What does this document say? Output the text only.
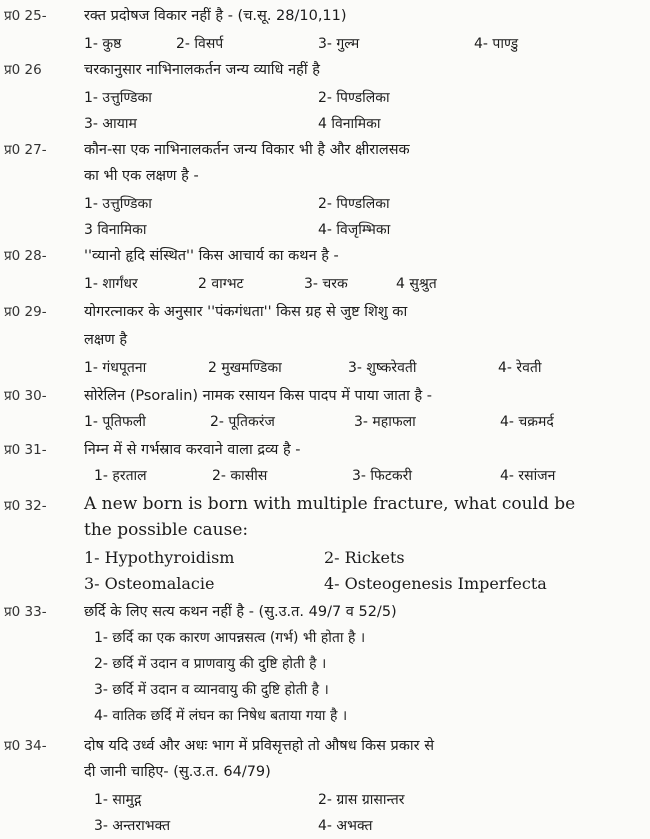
प्र0 25-	रक्त प्रदोषज विकार नहीं है - (च.सू. 28/10,11)
1- कुष्ठ	2- विसर्प	3- गुल्म	4- पाण्डु
प्र0 26	चरकानुसार नाभिनालकर्तन जन्य व्याधि नहीं है
1- उत्तुण्डिका	2- पिण्डलिका
3- आयाम	4 विनामिका
प्र0 27-	कौन-सा एक नाभिनालकर्तन जन्य विकार भी है और क्षीरालसक
का भी एक लक्षण है -
1- उत्तुण्डिका	2- पिण्डलिका
3 विनामिका	4- विजृम्भिका
प्र0 28-	''व्यानो हृदि संस्थित'' किस आचार्य का कथन है -
1- शार्गंधर	2 वाग्भट	3- चरक	4 सुश्रुत
प्र0 29-	योगरत्नाकर के अनुसार ''पंकगंधता'' किस ग्रह से जुष्ट शिशु का
लक्षण है
1- गंधपूतना	2 मुखमण्डिका	3- शुष्करेवती	4- रेवती
प्र0 30-	सोरेलिन (Psoralin) नामक रसायन किस पादप में पाया जाता है -
1- पूतिफली	2- पूतिकरंज	3- महाफला	4- चक्रमर्द
प्र0 31-	निम्न में से गर्भस्राव करवाने वाला द्रव्य है -
1- हरताल	2- कासीस	3- फिटकरी	4- रसांजन
प्र0 32- A new born is born with multiple fracture, what could be
the possible cause:
1- Hypothyroidism	2- Rickets
3- Osteomalacie	4- Osteogenesis Imperfecta
प्र0 33-	छर्दि के लिए सत्य कथन नहीं है - (सु.उ.त. 49/7 व 52/5)
1- छर्दि का एक कारण आपन्नसत्व (गर्भ) भी होता है ।
2- छर्दि में उदान व प्राणवायु की दुष्टि होती है ।
3- छर्दि में उदान व व्यानवायु की दुष्टि होती है ।
4- वातिक छर्दि में लंघन का निषेध बताया गया है ।
प्र0 34-	दोष यदि उर्ध्व और अधः भाग में प्रविसृत्तहो तो औषध किस प्रकार से
दी जानी चाहिए- (सु.उ.त. 64/79)
1- सामुद्ग	2- ग्रास ग्रासान्तर
3- अन्तराभक्त	4- अभक्त
